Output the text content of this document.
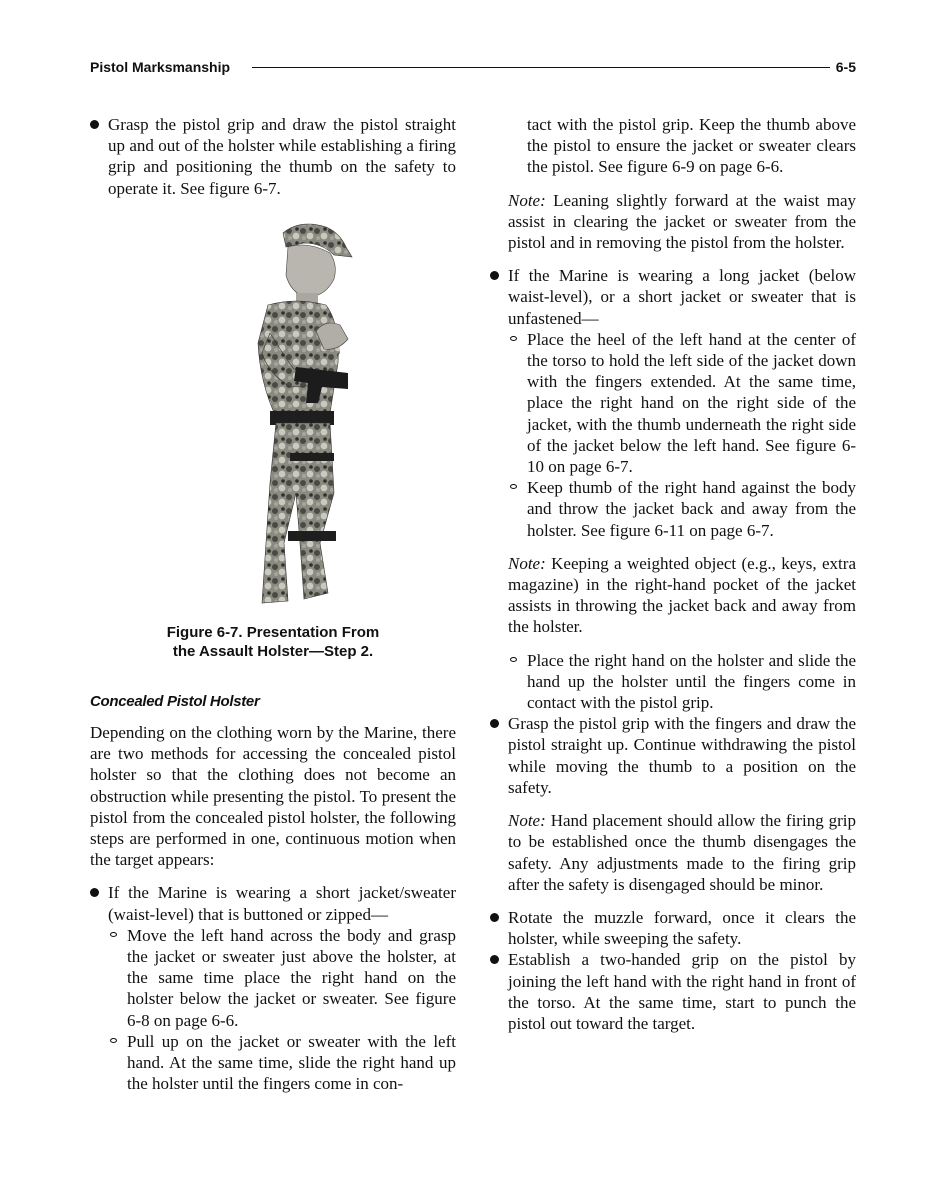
Pistol Marksmanship	6-5

Grasp the pistol grip and draw the pistol straight up and out of the holster while establishing a firing grip and positioning the thumb on the safety to operate it. See figure 6-7.

Figure 6-7. Presentation From
the Assault Holster—Step 2.

Concealed Pistol Holster

Depending on the clothing worn by the Marine, there are two methods for accessing the concealed pistol holster so that the clothing does not become an obstruction while presenting the pistol. To present the pistol from the concealed pistol holster, the following steps are performed in one, continuous motion when the target appears:

If the Marine is wearing a short jacket/sweater (waist-level) that is buttoned or zipped—

Move the left hand across the body and grasp the jacket or sweater just above the holster, at the same time place the right hand on the holster below the jacket or sweater. See figure 6-8 on page 6-6.

Pull up on the jacket or sweater with the left hand. At the same time, slide the right hand up the holster until the fingers come in con-

tact with the pistol grip. Keep the thumb above the pistol to ensure the jacket or sweater clears the pistol. See figure 6-9 on page 6-6.

Note: Leaning slightly forward at the waist may assist in clearing the jacket or sweater from the pistol and in removing the pistol from the holster.

If the Marine is wearing a long jacket (below waist-level), or a short jacket or sweater that is unfastened—

Place the heel of the left hand at the center of the torso to hold the left side of the jacket down with the fingers extended. At the same time, place the right hand on the right side of the jacket, with the thumb underneath the right side of the jacket below the left hand. See figure 6-10 on page 6-7.

Keep thumb of the right hand against the body and throw the jacket back and away from the holster. See figure 6-11 on page 6-7.

Note: Keeping a weighted object (e.g., keys, extra magazine) in the right-hand pocket of the jacket assists in throwing the jacket back and away from the holster.

Place the right hand on the holster and slide the hand up the holster until the fingers come in contact with the pistol grip.

Grasp the pistol grip with the fingers and draw the pistol straight up. Continue withdrawing the pistol while moving the thumb to a position on the safety.

Note: Hand placement should allow the firing grip to be established once the thumb disengages the safety. Any adjustments made to the firing grip after the safety is disengaged should be minor.

Rotate the muzzle forward, once it clears the holster, while sweeping the safety.

Establish a two-handed grip on the pistol by joining the left hand with the right hand in front of the torso. At the same time, start to punch the pistol out toward the target.
